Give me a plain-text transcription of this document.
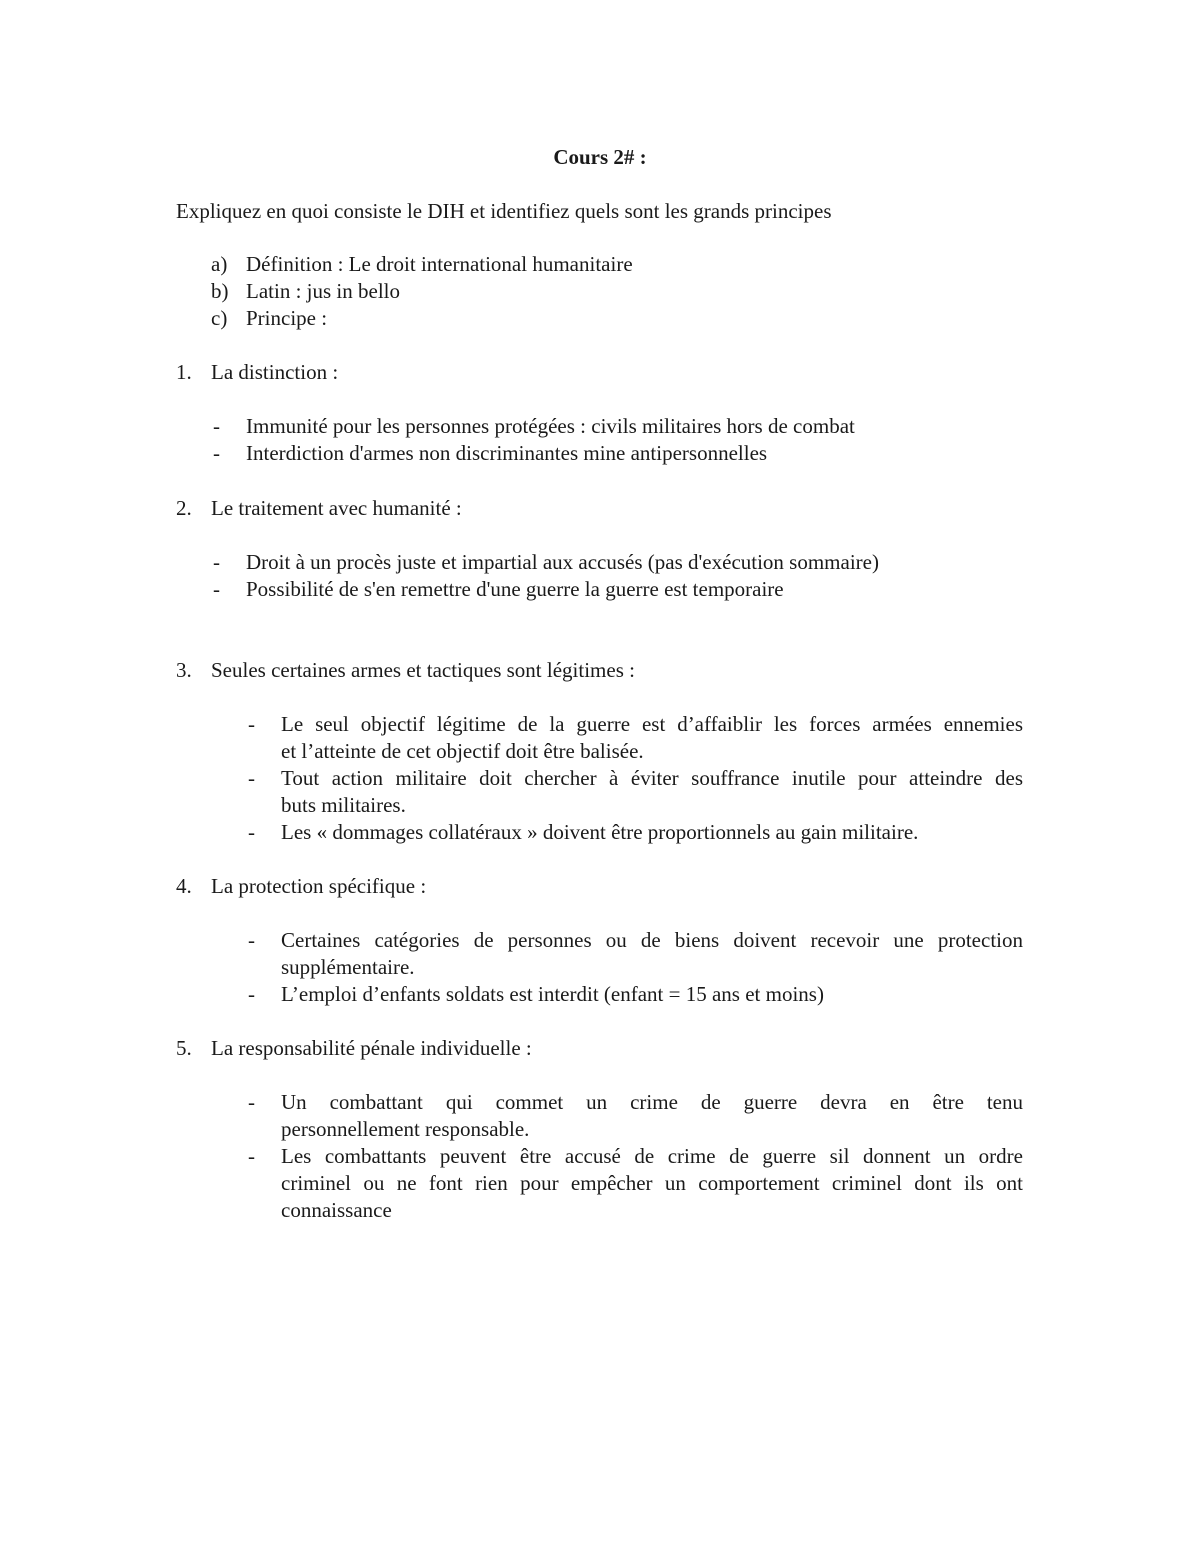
Cours 2# :
Expliquez en quoi consiste le DIH et identifiez quels sont les grands principes
a) Définition : Le droit international humanitaire
b) Latin : jus in bello
c) Principe :
1. La distinction :
- Immunité pour les personnes protégées : civils militaires hors de combat
- Interdiction d'armes non discriminantes mine antipersonnelles
2. Le traitement avec humanité :
- Droit à un procès juste et impartial aux accusés (pas d'exécution sommaire)
- Possibilité de s'en remettre d'une guerre la guerre est temporaire
3. Seules certaines armes et tactiques sont légitimes :
- Le seul objectif légitime de la guerre est d’affaiblir les forces armées ennemies
et l’atteinte de cet objectif doit être balisée.
- Tout action militaire doit chercher à éviter souffrance inutile pour atteindre des
buts militaires.
- Les « dommages collatéraux » doivent être proportionnels au gain militaire.
4. La protection spécifique :
- Certaines catégories de personnes ou de biens doivent recevoir une protection
supplémentaire.
- L’emploi d’enfants soldats est interdit (enfant = 15 ans et moins)
5. La responsabilité pénale individuelle :
- Un combattant qui commet un crime de guerre devra en être tenu
personnellement responsable.
- Les combattants peuvent être accusé de crime de guerre sil donnent un ordre
criminel ou ne font rien pour empêcher un comportement criminel dont ils ont
connaissance
